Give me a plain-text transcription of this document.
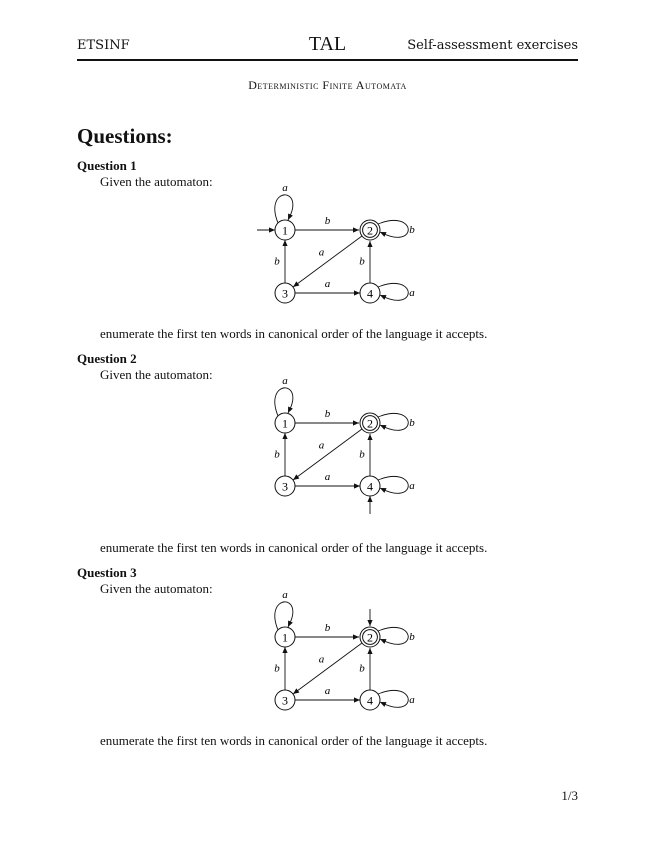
ETSINF	TAL	Self-assessment exercises
Deterministic Finite Automata
Questions:
Question 1
Given the automaton:	a
b
b
a
b
a
b
a
1	2
3	4
enumerate the first ten words in canonical order of the language it accepts.
Question 2
Given the automaton:	a
b
b
a
b
a
b
a
1	2
3	4
enumerate the first ten words in canonical order of the language it accepts.
Question 3
Given the automaton:	a
b
b
a
b
a
b
a
1	2
3	4
enumerate the first ten words in canonical order of the language it accepts.
1/3
